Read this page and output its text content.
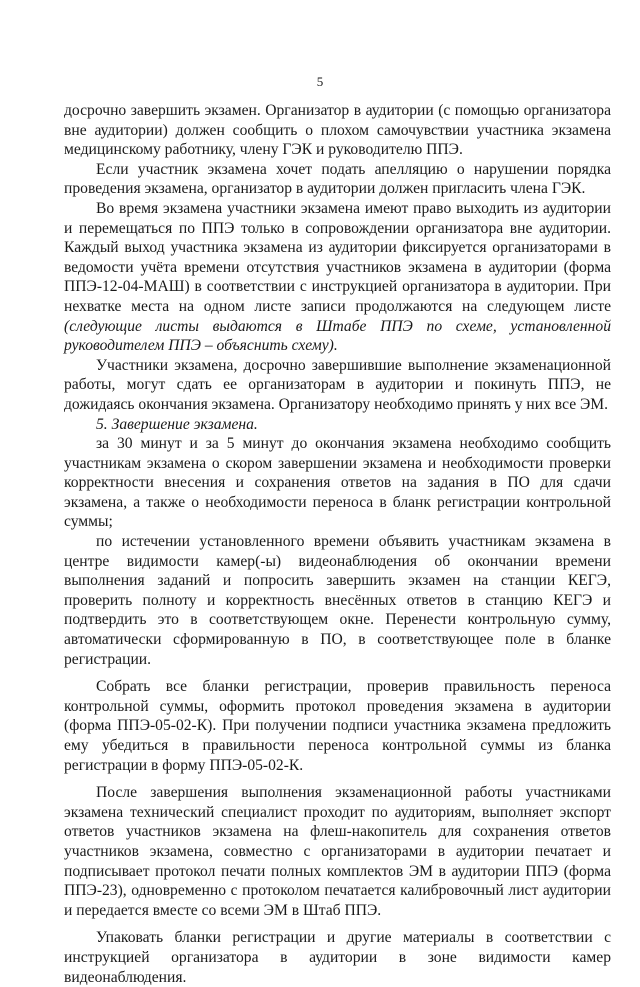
5

досрочно завершить экзамен. Организатор в аудитории (с помощью организатора вне аудитории) должен сообщить о плохом самочувствии участника экзамена медицинскому работнику, члену ГЭК и руководителю ППЭ.

Если участник экзамена хочет подать апелляцию о нарушении порядка проведения экзамена, организатор в аудитории должен пригласить члена ГЭК.

Во время экзамена участники экзамена имеют право выходить из аудитории и перемещаться по ППЭ только в сопровождении организатора вне аудитории. Каждый выход участника экзамена из аудитории фиксируется организаторами в ведомости учёта времени отсутствия участников экзамена в аудитории (форма ППЭ-12-04-МАШ) в соответствии с инструкцией организатора в аудитории. При нехватке места на одном листе записи продолжаются на следующем листе (следующие листы выдаются в Штабе ППЭ по схеме, установленной руководителем ППЭ – объяснить схему).

Участники экзамена, досрочно завершившие выполнение экзаменационной работы, могут сдать ее организаторам в аудитории и покинуть ППЭ, не дожидаясь окончания экзамена. Организатору необходимо принять у них все ЭМ.

5. Завершение экзамена.

за 30 минут и за 5 минут до окончания экзамена необходимо сообщить участникам экзамена о скором завершении экзамена и необходимости проверки корректности внесения и сохранения ответов на задания в ПО для сдачи экзамена, а также о необходимости переноса в бланк регистрации контрольной суммы;

по истечении установленного времени объявить участникам экзамена в центре видимости камер(-ы) видеонаблюдения об окончании времени выполнения заданий и попросить завершить экзамен на станции КЕГЭ, проверить полноту и корректность внесённых ответов в станцию КЕГЭ и подтвердить это в соответствующем окне. Перенести контрольную сумму, автоматически сформированную в ПО, в соответствующее поле в бланке регистрации.

Собрать все бланки регистрации, проверив правильность переноса контрольной суммы, оформить протокол проведения экзамена в аудитории (форма ППЭ-05-02-К). При получении подписи участника экзамена предложить ему убедиться в правильности переноса контрольной суммы из бланка регистрации в форму ППЭ-05-02-К.

После завершения выполнения экзаменационной работы участниками экзамена технический специалист проходит по аудиториям, выполняет экспорт ответов участников экзамена на флеш-накопитель для сохранения ответов участников экзамена, совместно с организаторами в аудитории печатает и подписывает протокол печати полных комплектов ЭМ в аудитории ППЭ (форма ППЭ-23), одновременно с протоколом печатается калибровочный лист аудитории и передается вместе со всеми ЭМ в Штаб ППЭ.

Упаковать бланки регистрации и другие материалы в соответствии с инструкцией организатора в аудитории в зоне видимости камер видеонаблюдения.
